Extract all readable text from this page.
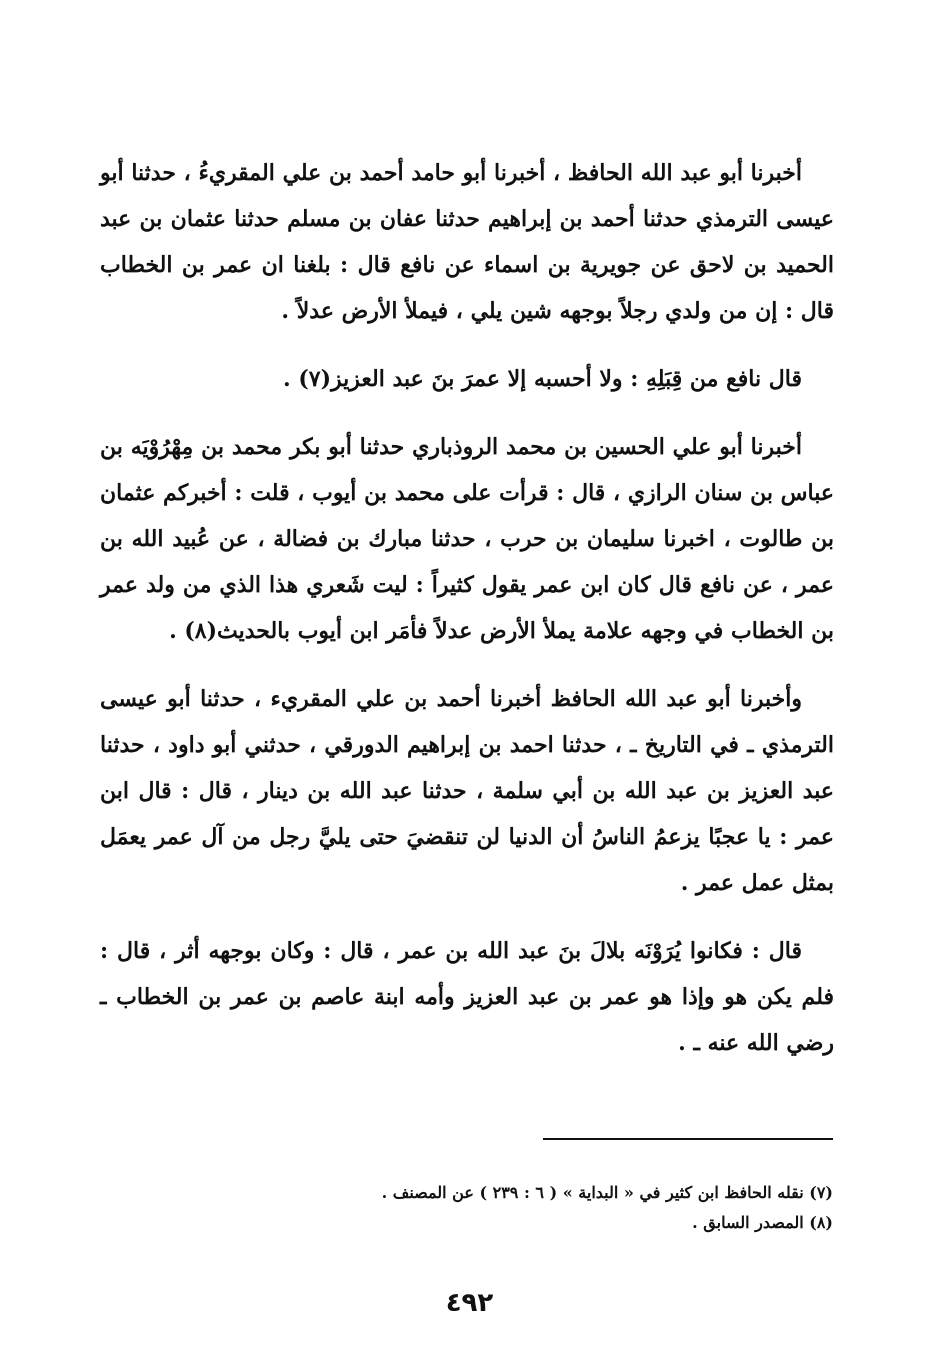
أخبرنا أبو عبد الله الحافظ ، أخبرنا أبو حامد أحمد بن علي المقريءُ ، حدثنا أبو عيسى الترمذي حدثنا أحمد بن إبراهيم حدثنا عفان بن مسلم حدثنا عثمان بن عبد الحميد بن لاحق عن جويرية بن اسماء عن نافع قال : بلغنا ان عمر بن الخطاب قال : إن من ولدي رجلاً بوجهه شين يلي ، فيملأ الأرض عدلاً .

قال نافع من قِبَلِهِ : ولا أحسبه إلا عمرَ بنَ عبد العزيز(٧) .

أخبرنا أبو علي الحسين بن محمد الروذباري حدثنا أبو بكر محمد بن مِهْرُوْيَه بن عباس بن سنان الرازي ، قال : قرأت على محمد بن أيوب ، قلت : أخبركم عثمان بن طالوت ، اخبرنا سليمان بن حرب ، حدثنا مبارك بن فضالة ، عن عُبيد الله بن عمر ، عن نافع قال كان ابن عمر يقول كثيراً : ليت شَعري هذا الذي من ولد عمر بن الخطاب في وجهه علامة يملأ الأرض عدلاً فأمَر ابن أيوب بالحديث(٨) .

وأخبرنا أبو عبد الله الحافظ أخبرنا أحمد بن علي المقريء ، حدثنا أبو عيسى الترمذي ـ في التاريخ ـ ، حدثنا احمد بن إبراهيم الدورقي ، حدثني أبو داود ، حدثنا عبد العزيز بن عبد الله بن أبي سلمة ، حدثنا عبد الله بن دينار ، قال : قال ابن عمر : يا عجبًا يزعمُ الناسُ أن الدنيا لن تنقضيَ حتى يليَّ رجل من آل عمر يعمَل بمثل عمل عمر .

قال : فكانوا يُرَوْنَه بلالَ بنَ عبد الله بن عمر ، قال : وكان بوجهه أثر ، قال : فلم يكن هو وإذا هو عمر بن عبد العزيز وأمه ابنة عاصم بن عمر بن الخطاب ـ رضي الله عنه ـ .

(٧) نقله الحافظ ابن كثير في « البداية » ( ٦ : ٢٣٩ ) عن المصنف .

(٨) المصدر السابق .

٤٩٢
